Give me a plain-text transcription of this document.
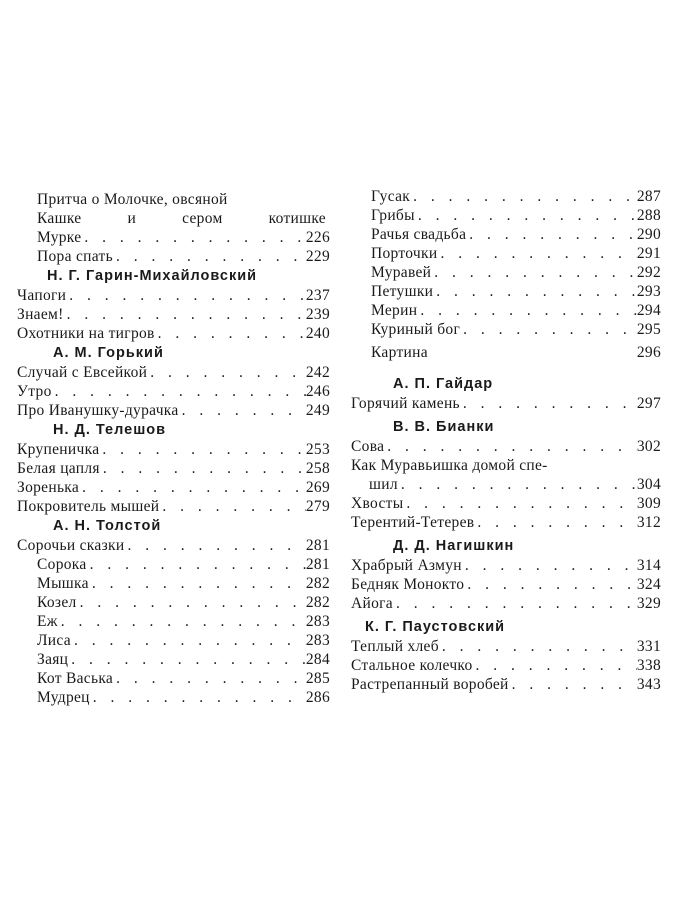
Притча о Молочке, овсяной
Кашке	и	сером	котишке
Мурке . . .	226
Пора спать . . .	229
Н. Г. Гарин-Михайловский
Чапоги . . .	237
Знаем! . . .	239
Охотники на тигров . . .	240
А. М. Горький
Случай с Евсейкой . . .	242
Утро . . .	246
Про Иванушку-дурачка . . .	249
Н. Д. Телешов
Крупеничка . . .	253
Белая цапля . . .	258
Зоренька . . .	269
Покровитель мышей . . .	279
А. Н. Толстой
Сорочьи сказки . . .	281
Сорока . . .	281
Мышка . . .	282
Козел . . .	282
Еж . . .	283
Лиса . . .	283
Заяц . . .	284
Кот Васька . . .	285
Мудрец . . .	286
Гусак . . .	287
Грибы . . .	288
Рачья свадьба . . .	290
Порточки . . .	291
Муравей . . .	292
Петушки . . .	293
Мерин . . .	294
Куриный бог . . .	295
Картина	296
А. П. Гайдар
Горячий камень . . .	297
В. В. Бианки
Сова . . .	302
Как Муравьишка домой спе-
шил . . .	304
Хвосты . . .	309
Терентий-Тетерев . . .	312
Д. Д. Нагишкин
Храбрый Азмун . . .	314
Бедняк Монокто . . .	324
Айога . . .	329
К. Г. Паустовский
Теплый хлеб . . .	331
Стальное колечко . . .	338
Растрепанный воробей . . .	343
